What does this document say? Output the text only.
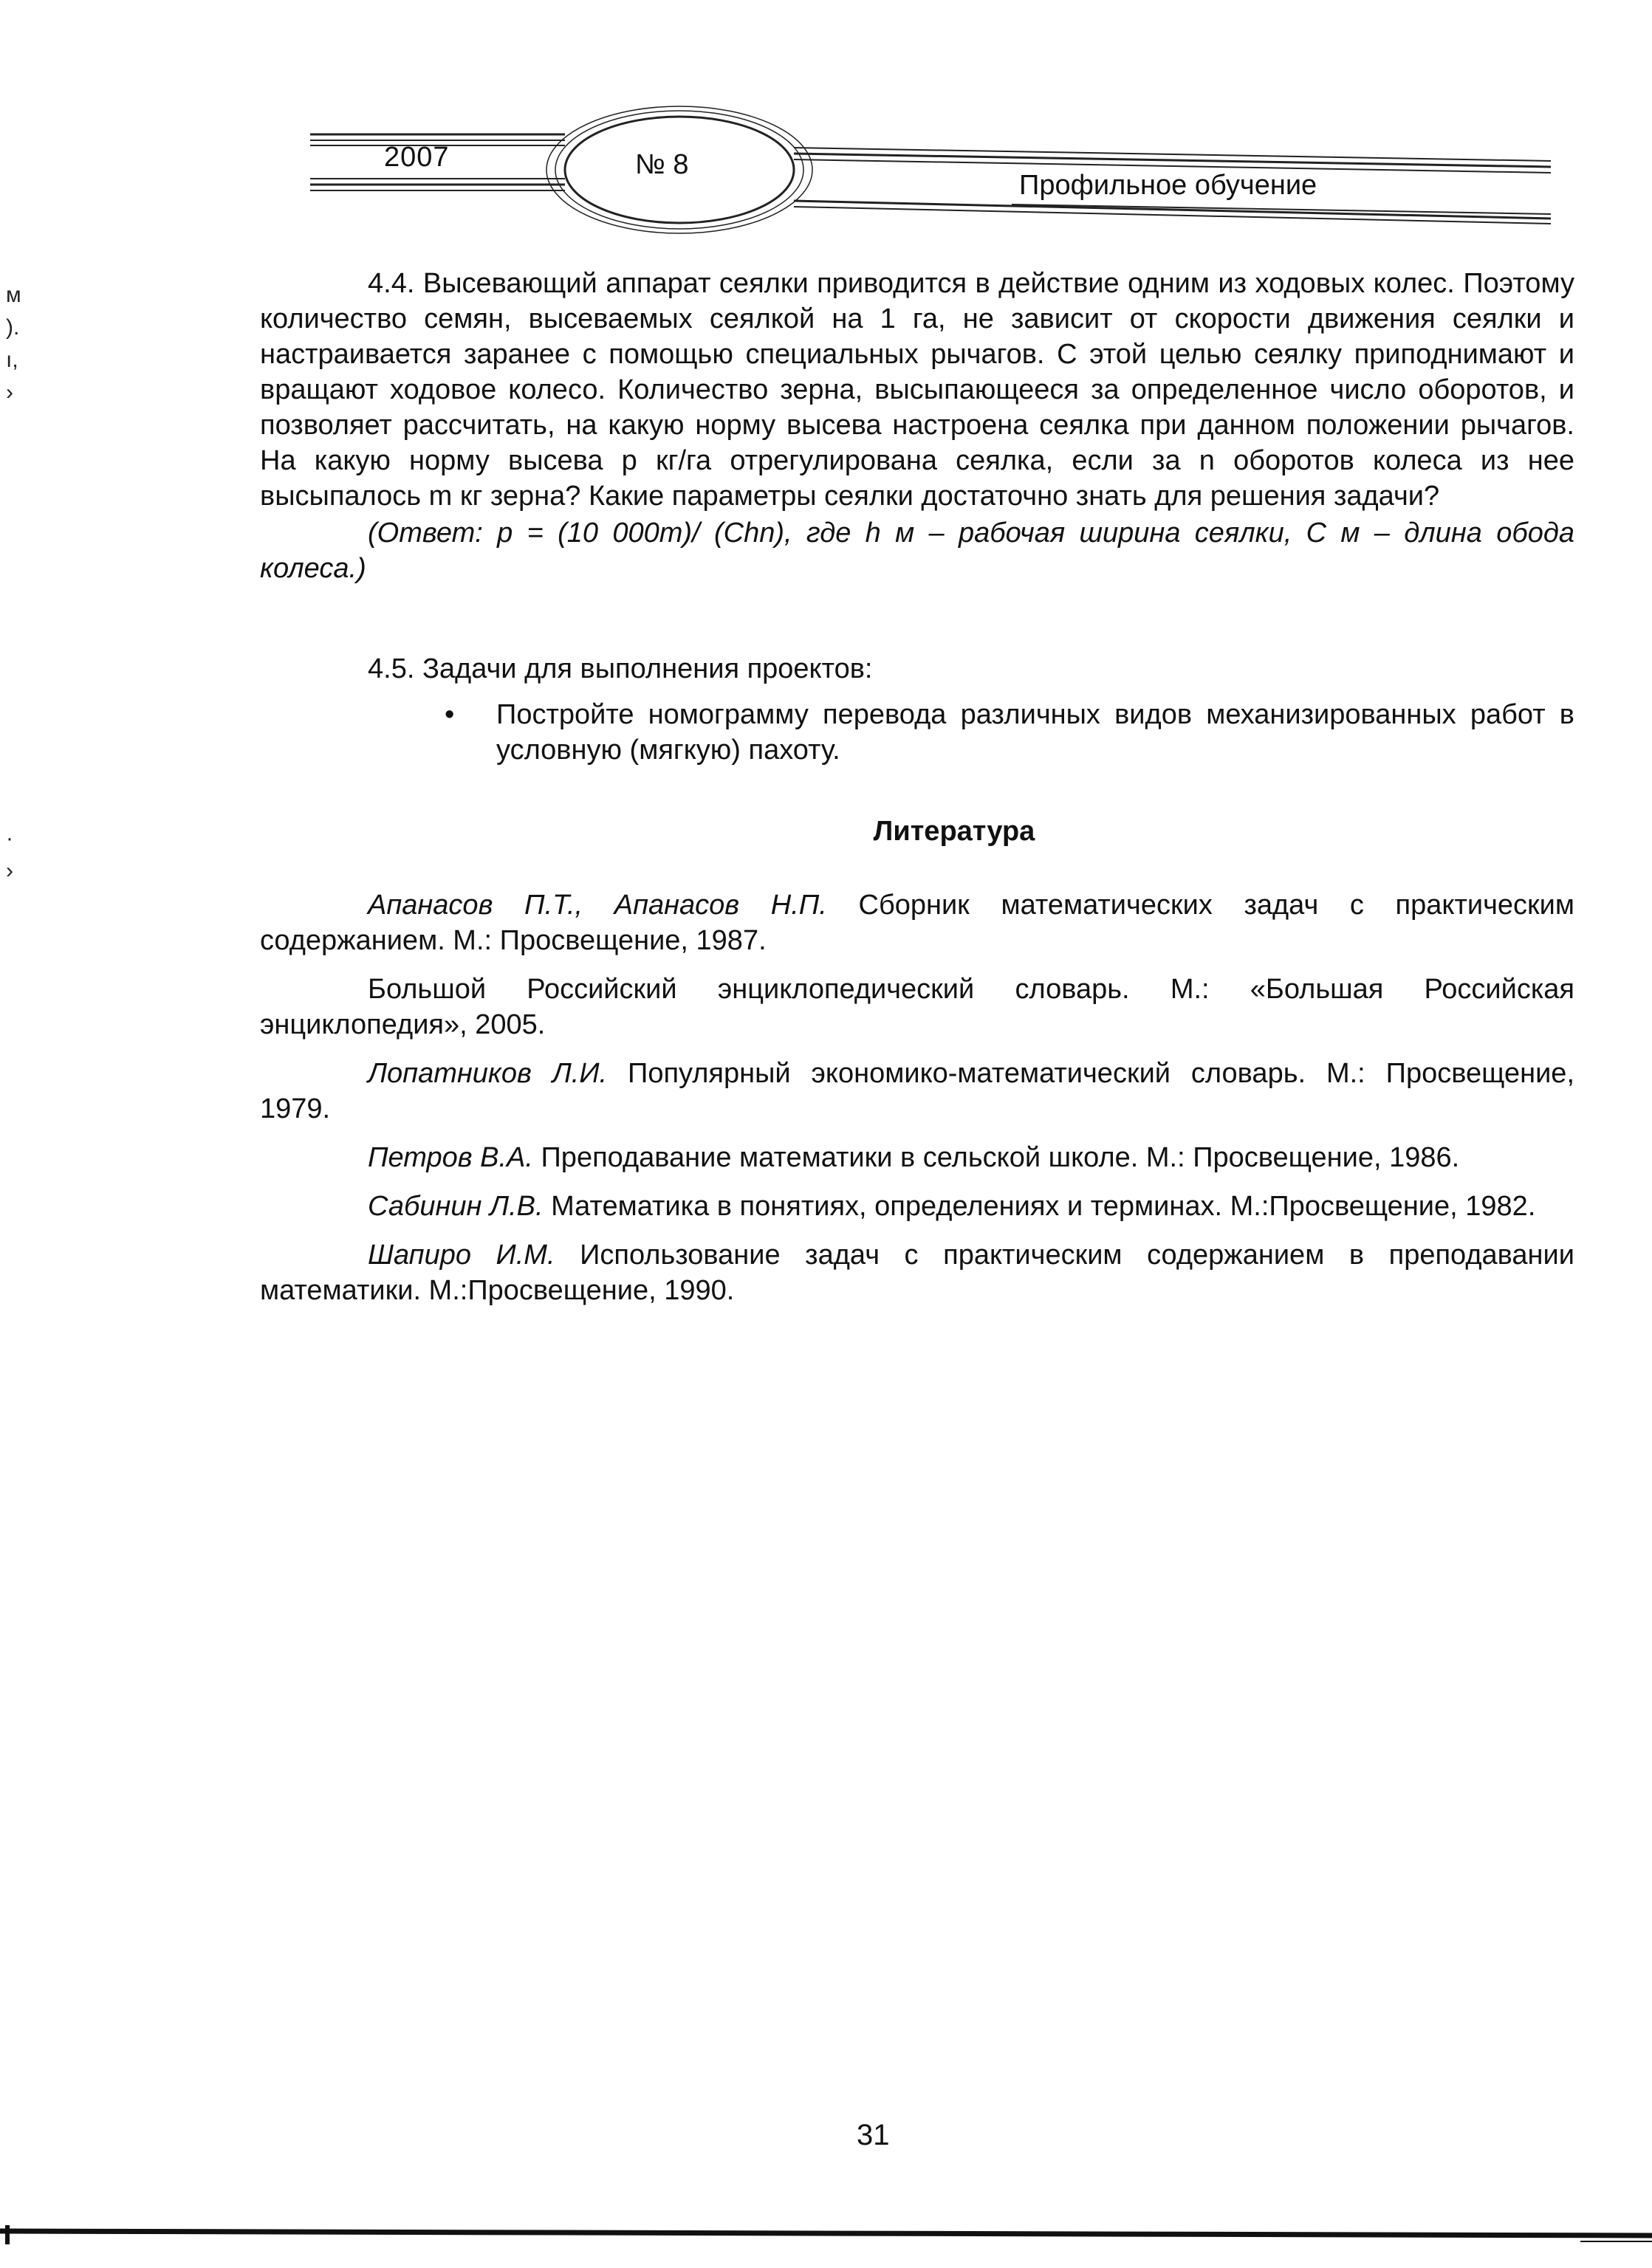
2007	№ 8
Профильное обучение
м
).
ı,
›
·
›

4.4. Высевающий аппарат сеялки приводится в действие одним из ходовых колес. Поэтому количество семян, высеваемых сеялкой на 1 га, не зависит от скорости движения сеялки и настраивается заранее с помощью специальных рычагов. С этой целью сеялку приподнимают и вращают ходовое колесо. Количество зерна, высыпающееся за определенное число оборотов, и позволяет рассчитать, на какую норму высева настроена сеялка при данном положении рычагов. На какую норму высева p кг/га отрегулирована сеялка, если за n оборотов колеса из нее высыпалось m кг зерна? Какие параметры сеялки достаточно знать для решения задачи?

(Ответ: p = (10 000m)/ (Chn), где h м – рабочая ширина сеялки, C м – длина обода колеса.)

4.5. Задачи для выполнения проектов:

•	Постройте номограмму перевода различных видов механизированных работ в условную (мягкую) пахоту.
Литература

Апанасов П.Т., Апанасов Н.П. Сборник математических задач с практическим содержанием. М.: Просвещение, 1987.

Большой Российский энциклопедический словарь. М.: «Большая Российская энциклопедия», 2005.

Лопатников Л.И. Популярный экономико-математический словарь. М.: Просвещение, 1979.

Петров В.А. Преподавание математики в сельской школе. М.: Просвещение, 1986.

Сабинин Л.В. Математика в понятиях, определениях и терминах. М.:Просвещение, 1982.

Шапиро И.М. Использование задач с практическим содержанием в преподавании математики. М.:Просвещение, 1990.

31
